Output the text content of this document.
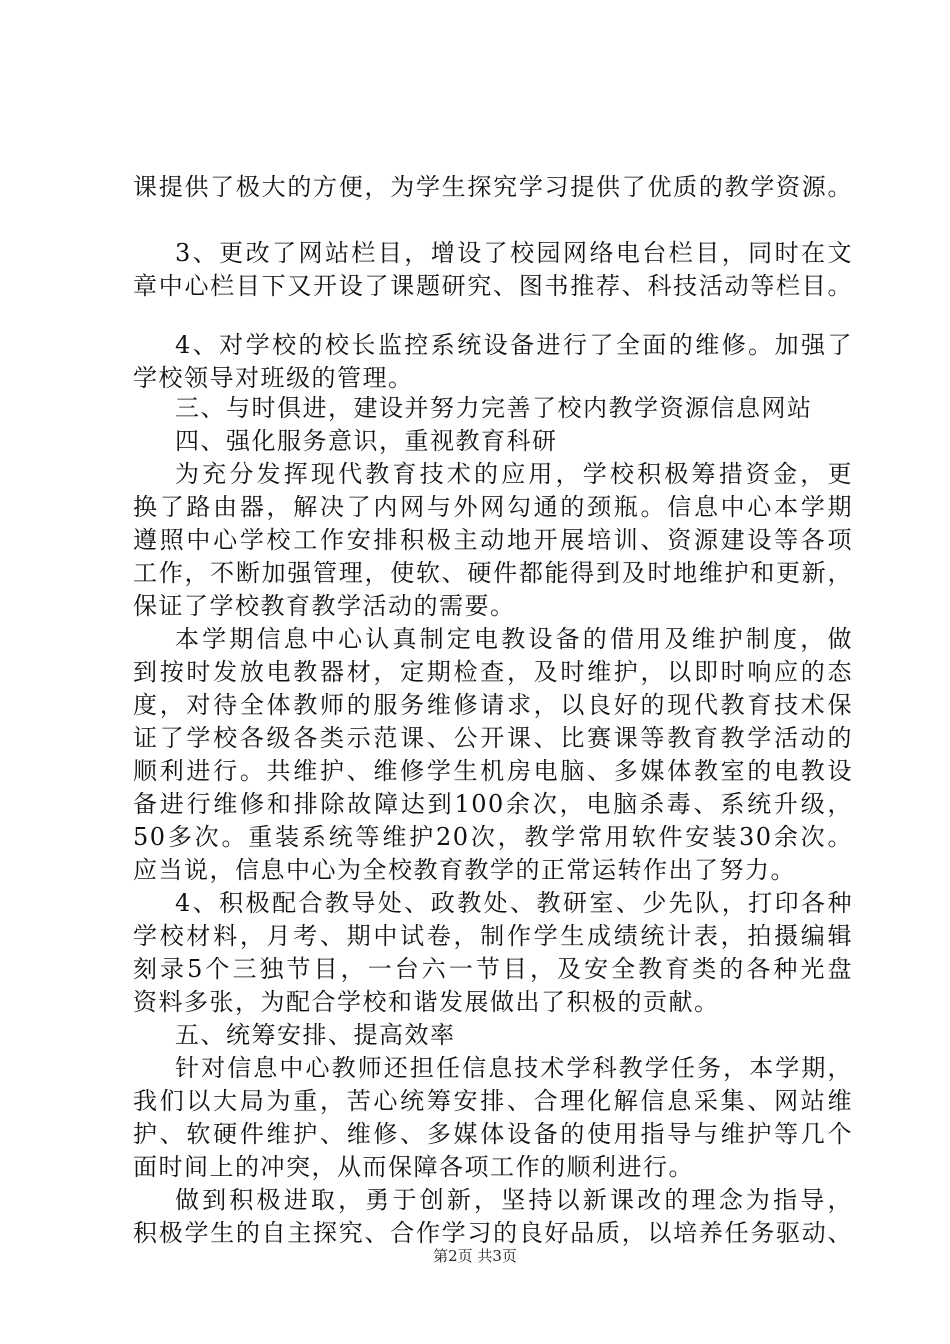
课提供了极大的方便，为学生探究学习提供了优质的教学资源。
3、更改了网站栏目，增设了校园网络电台栏目，同时在文
章中心栏目下又开设了课题研究、图书推荐、科技活动等栏目。
4、对学校的校长监控系统设备进行了全面的维修。加强了
学校领导对班级的管理。
三、与时俱进，建设并努力完善了校内教学资源信息网站
四、强化服务意识，重视教育科研
为充分发挥现代教育技术的应用，学校积极筹措资金，更
换了路由器，解决了内网与外网勾通的颈瓶。信息中心本学期
遵照中心学校工作安排积极主动地开展培训、资源建设等各项
工作，不断加强管理，使软、硬件都能得到及时地维护和更新，
保证了学校教育教学活动的需要。
本学期信息中心认真制定电教设备的借用及维护制度，做
到按时发放电教器材，定期检查，及时维护，以即时响应的态
度，对待全体教师的服务维修请求，以良好的现代教育技术保
证了学校各级各类示范课、公开课、比赛课等教育教学活动的
顺利进行。共维护、维修学生机房电脑、多媒体教室的电教设
备进行维修和排除故障达到100余次，电脑杀毒、系统升级，
50多次。重装系统等维护20次，教学常用软件安装30余次。
应当说，信息中心为全校教育教学的正常运转作出了努力。
4、积极配合教导处、政教处、教研室、少先队，打印各种
学校材料，月考、期中试卷，制作学生成绩统计表，拍摄编辑
刻录5个三独节目，一台六一节目，及安全教育类的各种光盘
资料多张，为配合学校和谐发展做出了积极的贡献。
五、统筹安排、提高效率
针对信息中心教师还担任信息技术学科教学任务，本学期，
我们以大局为重，苦心统筹安排、合理化解信息采集、网站维
护、软硬件维护、维修、多媒体设备的使用指导与维护等几个
面时间上的冲突，从而保障各项工作的顺利进行。
做到积极进取，勇于创新，坚持以新课改的理念为指导，
积极学生的自主探究、合作学习的良好品质，以培养任务驱动、
第2页 共3页
